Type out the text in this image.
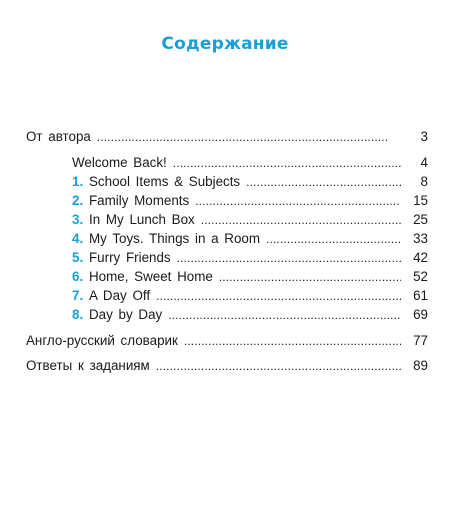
Содержание
От автора . . .	3
Welcome Back! . . .	4
1. School Items & Subjects . . .	8
2. Family Moments . . .	15
3. In My Lunch Box . . .	25
4. My Toys. Things in a Room . . .	33
5. Furry Friends . . .	42
6. Home, Sweet Home . . .	52
7. A Day Off . . .	61
8. Day by Day . . .	69
Англо-русский словарик . . .	77
Ответы к заданиям . . .	89
